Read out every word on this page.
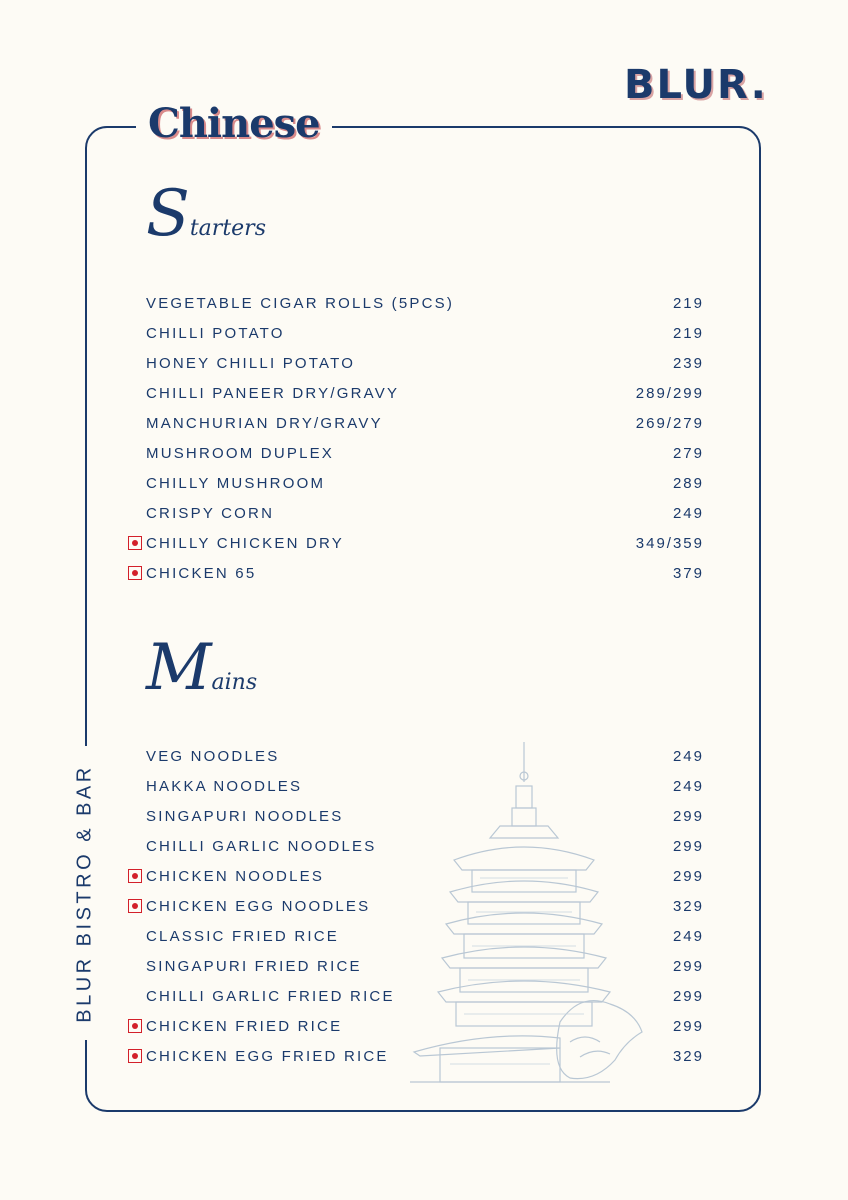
BLUR.
Chinese
BLUR BISTRO & BAR
Starters
VEGETABLE CIGAR ROLLS (5PCS)	219
CHILLI POTATO	219
HONEY CHILLI POTATO	239
CHILLI PANEER DRY/GRAVY	289/299
MANCHURIAN DRY/GRAVY	269/279
MUSHROOM DUPLEX	279
CHILLY MUSHROOM	289
CRISPY CORN	249
CHILLY CHICKEN DRY	349/359
CHICKEN 65	379
Mains
VEG NOODLES	249
HAKKA NOODLES	249
SINGAPURI NOODLES	299
CHILLI GARLIC NOODLES	299
CHICKEN NOODLES	299
CHICKEN EGG NOODLES	329
CLASSIC FRIED RICE	249
SINGAPURI FRIED RICE	299
CHILLI GARLIC FRIED RICE	299
CHICKEN FRIED RICE	299
CHICKEN EGG FRIED RICE	329
